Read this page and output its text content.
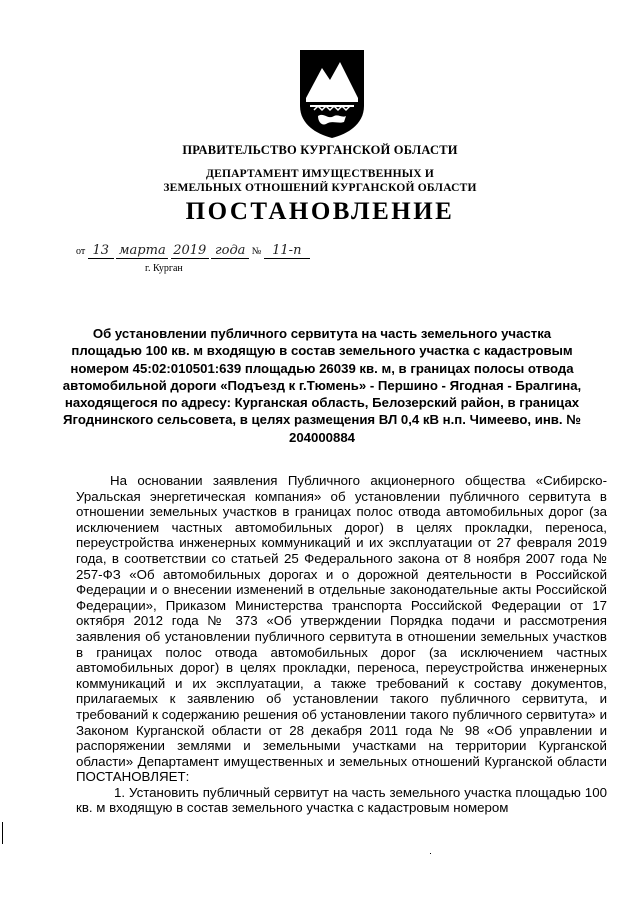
ПРАВИТЕЛЬСТВО КУРГАНСКОЙ ОБЛАСТИ
ДЕПАРТАМЕНТ ИМУЩЕСТВЕННЫХ И
ЗЕМЕЛЬНЫХ ОТНОШЕНИЙ КУРГАНСКОЙ ОБЛАСТИ
ПОСТАНОВЛЕНИЕ
от 13 марта 2019 года № 11-п
г. Курган
Об установлении публичного сервитута на часть земельного участка площадью 100 кв. м входящую в состав земельного участка с кадастровым номером 45:02:010501:639 площадью 26039 кв. м, в границах полосы отвода автомобильной дороги «Подъезд к г.Тюмень» - Першино - Ягодная - Бралгина, находящегося по адресу: Курганская область, Белозерский район, в границах Ягоднинского сельсовета, в целях размещения ВЛ 0,4 кВ н.п. Чимеево, инв. № 204000884

На основании заявления Публичного акционерного общества «Сибирско-Уральская энергетическая компания» об установлении публичного сервитута в отношении земельных участков в границах полос отвода автомобильных дорог (за исключением частных автомобильных дорог) в целях прокладки, переноса, переустройства инженерных коммуникаций и их эксплуатации от 27 февраля 2019 года, в соответствии со статьей 25 Федерального закона от 8 ноября 2007 года № 257-ФЗ «Об автомобильных дорогах и о дорожной деятельности в Российской Федерации и о внесении изменений в отдельные законодательные акты Российской Федерации», Приказом Министерства транспорта Российской Федерации от 17 октября 2012 года № 373 «Об утверждении Порядка подачи и рассмотрения заявления об установлении публичного сервитута в отношении земельных участков в границах полос отвода автомобильных дорог (за исключением частных автомобильных дорог) в целях прокладки, переноса, переустройства инженерных коммуникаций и их эксплуатации, а также требований к составу документов, прилагаемых к заявлению об установлении такого публичного сервитута, и требований к содержанию решения об установлении такого публичного сервитута» и Законом Курганской области от 28 декабря 2011 года № 98 «Об управлении и распоряжении землями и земельными участками на территории Курганской области» Департамент имущественных и земельных отношений Курганской области ПОСТАНОВЛЯЕТ:

1. Установить публичный сервитут на часть земельного участка площадью 100 кв. м входящую в состав земельного участка с кадастровым номером
